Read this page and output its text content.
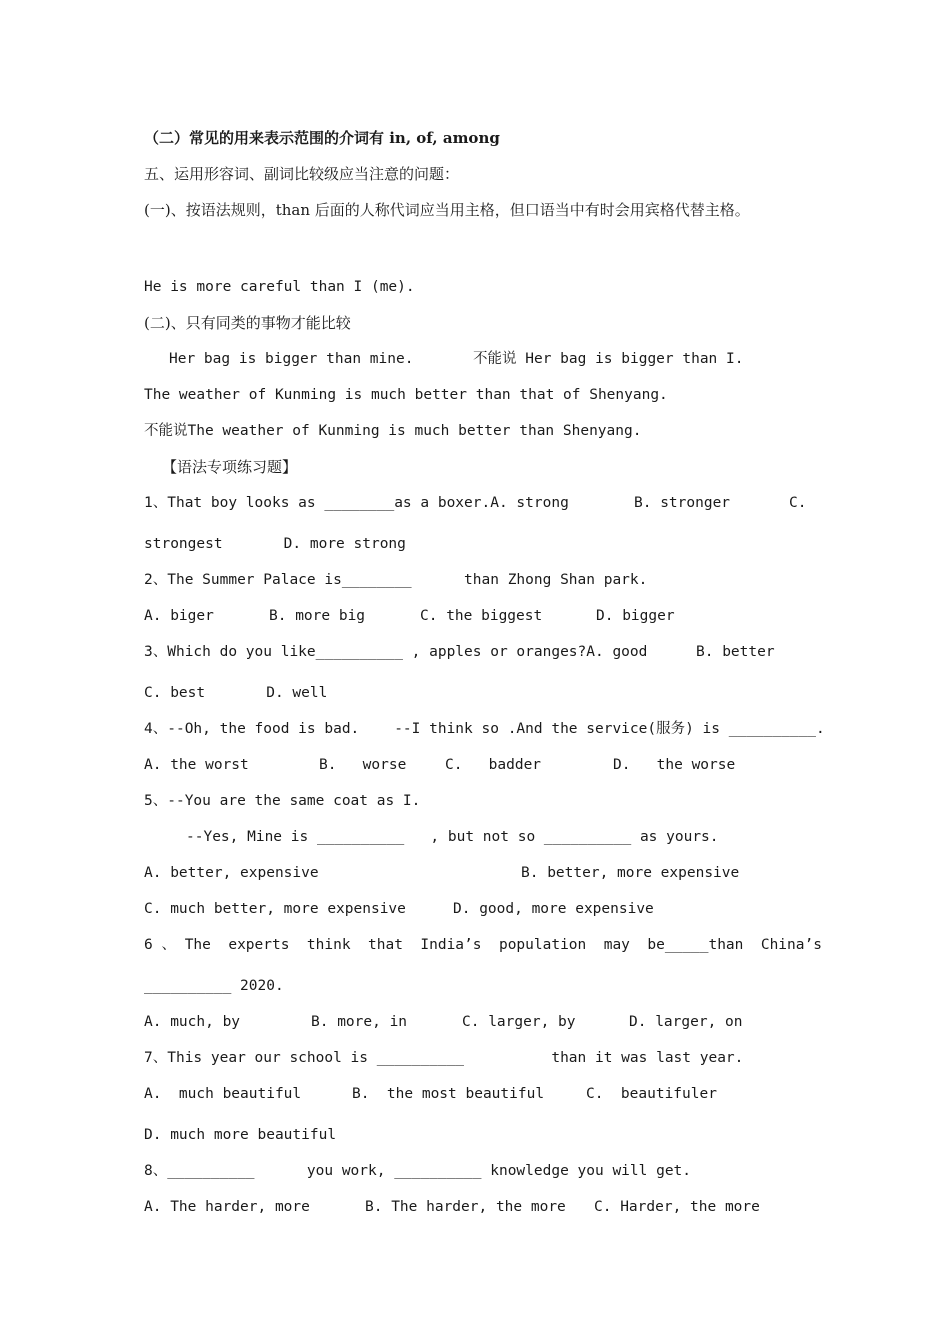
（二）常见的用来表示范围的介词有 in, of, among
五、运用形容词、副词比较级应当注意的问题：
(一)、按语法规则，than 后面的人称代词应当用主格，但口语当中有时会用宾格代替主格。
He is more careful than I (me).
(二)、只有同类的事物才能比较
Her bag is bigger than mine.	不能说 Her bag is bigger than I.
The weather of Kunming is much better than that of Shenyang.
不能说The weather of Kunming is much better than Shenyang.
【语法专项练习题】
1、That boy looks as ________as a boxer.A. strong	B. stronger	C.
strongest       D. more strong
2、The Summer Palace is________      than Zhong Shan park.
A. biger	B. more big	C. the biggest	D. bigger
3、Which do you like__________ , apples or oranges?A. good	B. better
C. best       D. well
4、--Oh, the food is bad.    --I think so .And the service(服务) is __________.
A. the worst	B.   worse	C.   badder	D.   the worse
5、--You are the same coat as I.
--Yes, Mine is __________   , but not so __________ as yours.
A. better, expensive	B. better, more expensive
C. much better, more expensive	D. good, more expensive
6 、 The  experts  think  that  India’s  population  may  be_____than  China’s
__________ 2020.
A. much, by	B. more, in	C. larger, by	D. larger, on
7、This year our school is __________          than it was last year.
A.  much beautiful	B.  the most beautiful	C.  beautifuler
D. much more beautiful
8、__________      you work, __________ knowledge you will get.
A. The harder, more	B. The harder, the more C. Harder, the more
